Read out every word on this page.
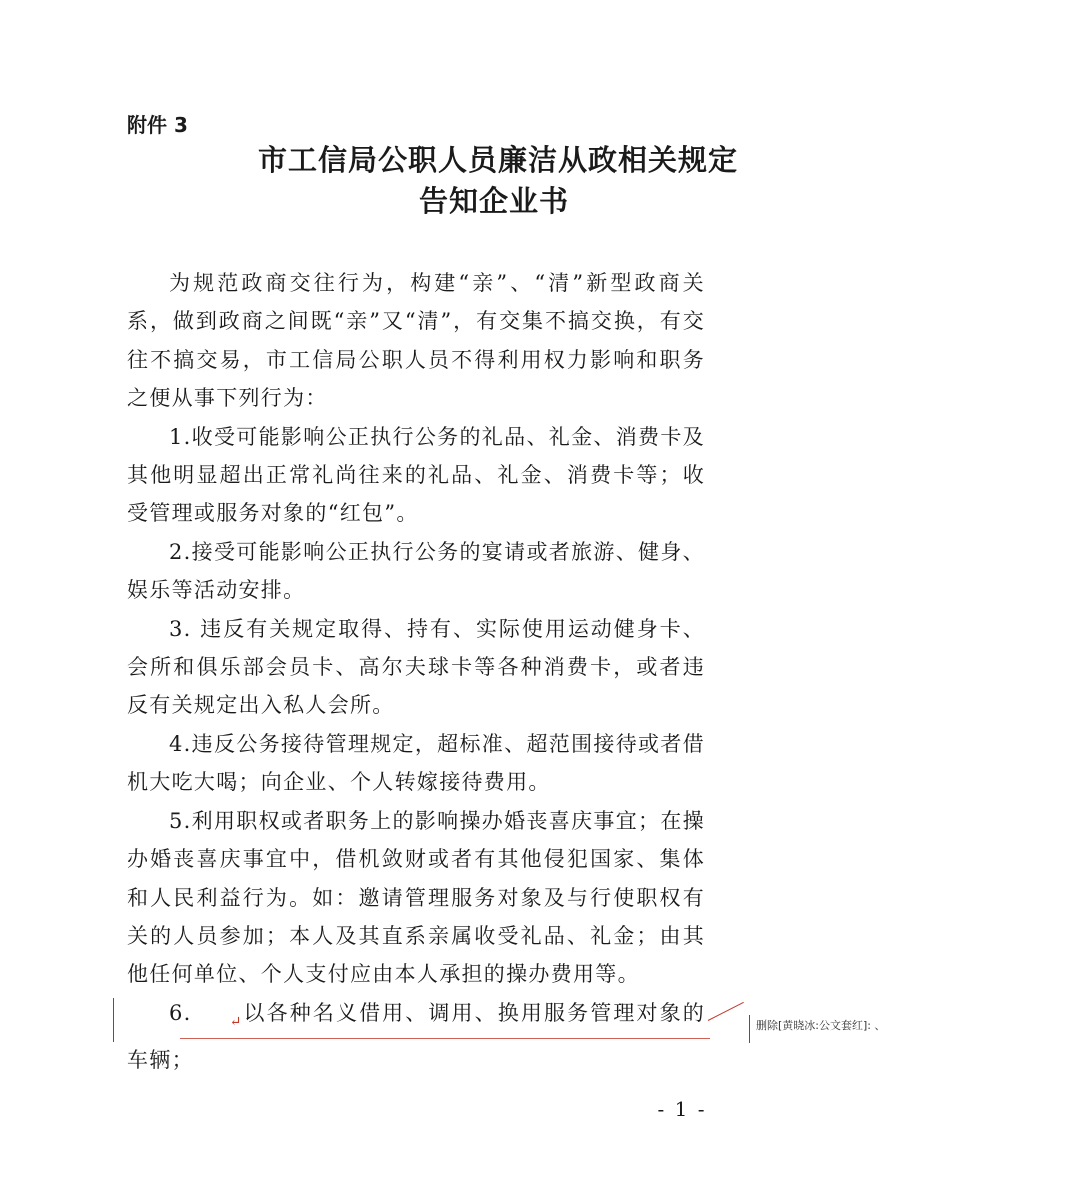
附件 3
市工信局公职人员廉洁从政相关规定
告知企业书

为规范政商交往行为，构建“亲”、“清”新型政商关系，做到政商之间既“亲”又“清”，有交集不搞交换，有交往不搞交易，市工信局公职人员不得利用权力影响和职务之便从事下列行为：

1.收受可能影响公正执行公务的礼品、礼金、消费卡及其他明显超出正常礼尚往来的礼品、礼金、消费卡等；收受管理或服务对象的“红包”。

2.接受可能影响公正执行公务的宴请或者旅游、健身、娱乐等活动安排。

3. 违反有关规定取得、持有、实际使用运动健身卡、会所和俱乐部会员卡、高尔夫球卡等各种消费卡，或者违反有关规定出入私人会所。

4.违反公务接待管理规定，超标准、超范围接待或者借机大吃大喝；向企业、个人转嫁接待费用。

5.利用职权或者职务上的影响操办婚丧喜庆事宜；在操办婚丧喜庆事宜中，借机敛财或者有其他侵犯国家、集体和人民利益行为。如：邀请管理服务对象及与行使职权有关的人员参加；本人及其直系亲属收受礼品、礼金；由其他任何单位、个人支付应由本人承担的操办费用等。

6.	↵以各种名义借用、调用、换用服务管理对象的车辆；

删除[黄晓冰:公文套红]: 、
- 1 -
